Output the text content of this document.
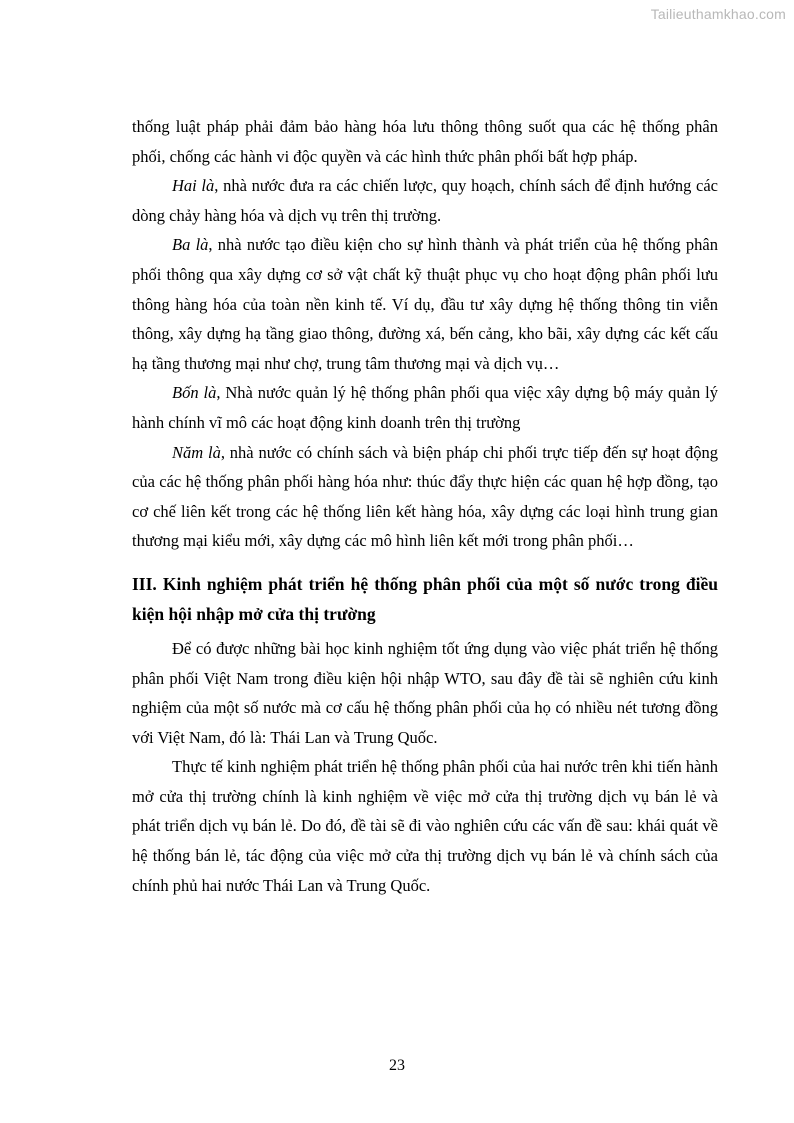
Tailieuthamkhao.com

thống luật pháp phải đảm bảo hàng hóa lưu thông thông suốt qua các hệ thống phân phối, chống các hành vi độc quyền và các hình thức phân phối bất hợp pháp.

Hai là, nhà nước đưa ra các chiến lược, quy hoạch, chính sách để định hướng các dòng chảy hàng hóa và dịch vụ trên thị trường.

Ba là, nhà nước tạo điều kiện cho sự hình thành và phát triển của hệ thống phân phối thông qua xây dựng cơ sở vật chất kỹ thuật phục vụ cho hoạt động phân phối lưu thông hàng hóa của toàn nền kinh tế. Ví dụ, đầu tư xây dựng hệ thống thông tin viễn thông, xây dựng hạ tầng giao thông, đường xá, bến cảng, kho bãi, xây dựng các kết cấu hạ tầng thương mại như chợ, trung tâm thương mại và dịch vụ…

Bốn là, Nhà nước quản lý hệ thống phân phối qua việc xây dựng bộ máy quản lý hành chính vĩ mô các hoạt động kinh doanh trên thị trường

Năm là, nhà nước có chính sách và biện pháp chi phối trực tiếp đến sự hoạt động của các hệ thống phân phối hàng hóa như: thúc đẩy thực hiện các quan hệ hợp đồng, tạo cơ chế liên kết trong các hệ thống liên kết hàng hóa, xây dựng các loại hình trung gian thương mại kiểu mới, xây dựng các mô hình liên kết mới trong phân phối…

III. Kinh nghiệm phát triển hệ thống phân phối của một số nước trong điều kiện hội nhập mở cửa thị trường

Để có được những bài học kinh nghiệm tốt ứng dụng vào việc phát triển hệ thống phân phối Việt Nam trong điều kiện hội nhập WTO, sau đây đề tài sẽ nghiên cứu kinh nghiệm của một số nước mà cơ cấu hệ thống phân phối của họ có nhiều nét tương đồng với Việt Nam, đó là: Thái Lan và Trung Quốc.

Thực tế kinh nghiệm phát triển hệ thống phân phối của hai nước trên khi tiến hành mở cửa thị trường chính là kinh nghiệm về việc mở cửa thị trường dịch vụ bán lẻ và phát triển dịch vụ bán lẻ. Do đó, đề tài sẽ đi vào nghiên cứu các vấn đề sau: khái quát về hệ thống bán lẻ, tác động của việc mở cửa thị trường dịch vụ bán lẻ và chính sách của chính phủ hai nước Thái Lan và Trung Quốc.

23
